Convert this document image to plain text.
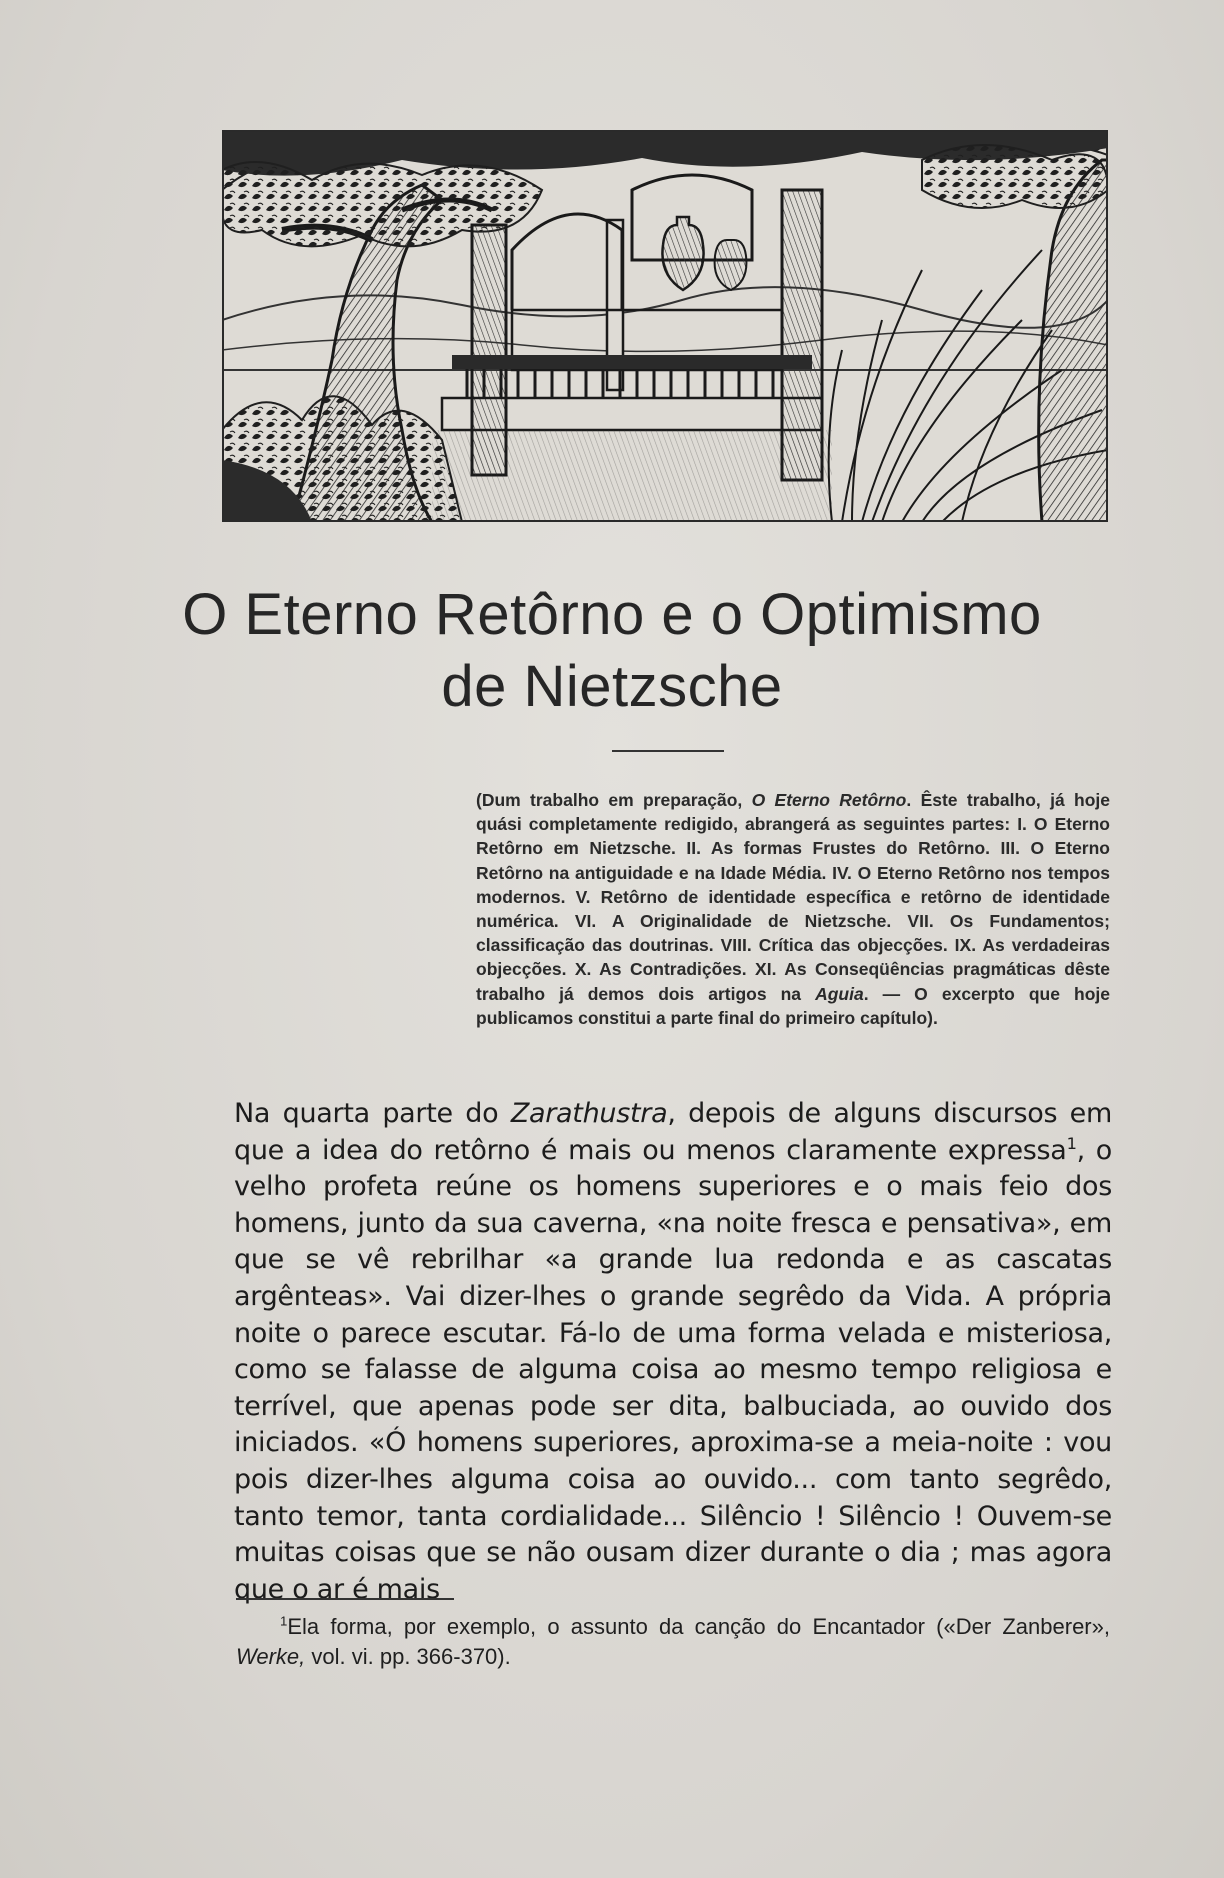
O Eterno Retôrno e o Optimismo
de Nietzsche

(Dum trabalho em preparação, O Eterno Retôrno. Êste trabalho, já hoje quási completamente redigido, abrangerá as seguintes partes: I. O Eterno Retôrno em Nietzsche. II. As formas Frustes do Retôrno. III. O Eterno Retôrno na antiguidade e na Idade Média. IV. O Eterno Retôrno nos tempos modernos. V. Retôrno de identidade específica e retôrno de identidade numérica. VI. A Originalidade de Nietzsche. VII. Os Fundamentos; classificação das doutrinas. VIII. Crítica das objecções. IX. As verdadeiras objecções. X. As Contradições. XI. As Conseqüências pragmáticas dêste trabalho já demos dois artigos na Aguia. — O excerpto que hoje publicamos constitui a parte final do primeiro capítulo).

Na quarta parte do Zarathustra, depois de alguns discursos em que a idea do retôrno é mais ou menos claramente expressa$^1$, o velho profeta reúne os homens superiores e o mais feio dos homens, junto da sua caverna, «na noite fresca e pensativa», em que se vê rebrilhar «a grande lua redonda e as cascatas argênteas». Vai dizer-lhes o grande segrêdo da Vida. A própria noite o parece escutar. Fá-lo de uma forma velada e misteriosa, como se falasse de alguma coisa ao mesmo tempo religiosa e terrível, que apenas pode ser dita, balbuciada, ao ouvido dos iniciados. «Ó homens superiores, aproxima-se a meia-noite : vou pois dizer-lhes alguma coisa ao ouvido... com tanto segrêdo, tanto temor, tanta cordialidade... Silêncio ! Silêncio ! Ouvem-se muitas coisas que se não ousam dizer durante o dia ; mas agora que o ar é mais

$^1$Ela forma, por exemplo, o assunto da canção do Encantador («Der Zanberer», Werke, vol. vi. pp. 366-370).
